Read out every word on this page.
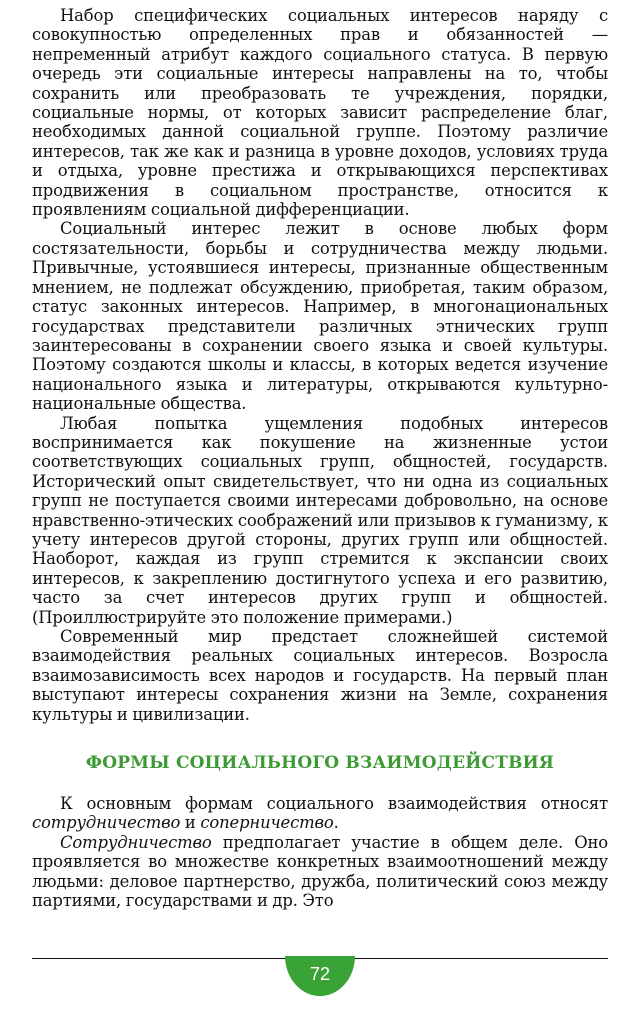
Набор специфических социальных интересов наряду с совокупностью определенных прав и обязанностей — непременный атрибут каждого социального статуса. В первую очередь эти социальные интересы направлены на то, чтобы сохранить или преобразовать те учреждения, порядки, социальные нормы, от которых зависит распределение благ, необходимых данной социальной группе. Поэтому различие интересов, так же как и разница в уровне доходов, условиях труда и отдыха, уровне престижа и открывающихся перспективах продвижения в социальном пространстве, относится к проявлениям социальной дифференциации.

Социальный интерес лежит в основе любых форм состязательности, борьбы и сотрудничества между людьми. Привычные, устоявшиеся интересы, признанные общественным мнением, не подлежат обсуждению, приобретая, таким образом, статус законных интересов. Например, в многонациональных государствах представители различных этнических групп заинтересованы в сохранении своего языка и своей культуры. Поэтому создаются школы и классы, в которых ведется изучение национального языка и литературы, открываются культурно-национальные общества.

Любая попытка ущемления подобных интересов воспринимается как покушение на жизненные устои соответствующих социальных групп, общностей, государств. Исторический опыт свидетельствует, что ни одна из социальных групп не поступается своими интересами добровольно, на основе нравственно-этических соображений или призывов к гуманизму, к учету интересов другой стороны, других групп или общностей. Наоборот, каждая из групп стремится к экспансии своих интересов, к закреплению достигнутого успеха и его развитию, часто за счет интересов других групп и общностей. (Проиллюстрируйте это положение примерами.)

Современный мир предстает сложнейшей системой взаимодействия реальных социальных интересов. Возросла взаимозависимость всех народов и государств. На первый план выступают интересы сохранения жизни на Земле, сохранения культуры и цивилизации.

ФОРМЫ СОЦИАЛЬНОГО ВЗАИМОДЕЙСТВИЯ

К основным формам социального взаимодействия относят сотрудничество и соперничество.

Сотрудничество предполагает участие в общем деле. Оно проявляется во множестве конкретных взаимоотношений между людьми: деловое партнерство, дружба, политический союз между партиями, государствами и др. Это

72
